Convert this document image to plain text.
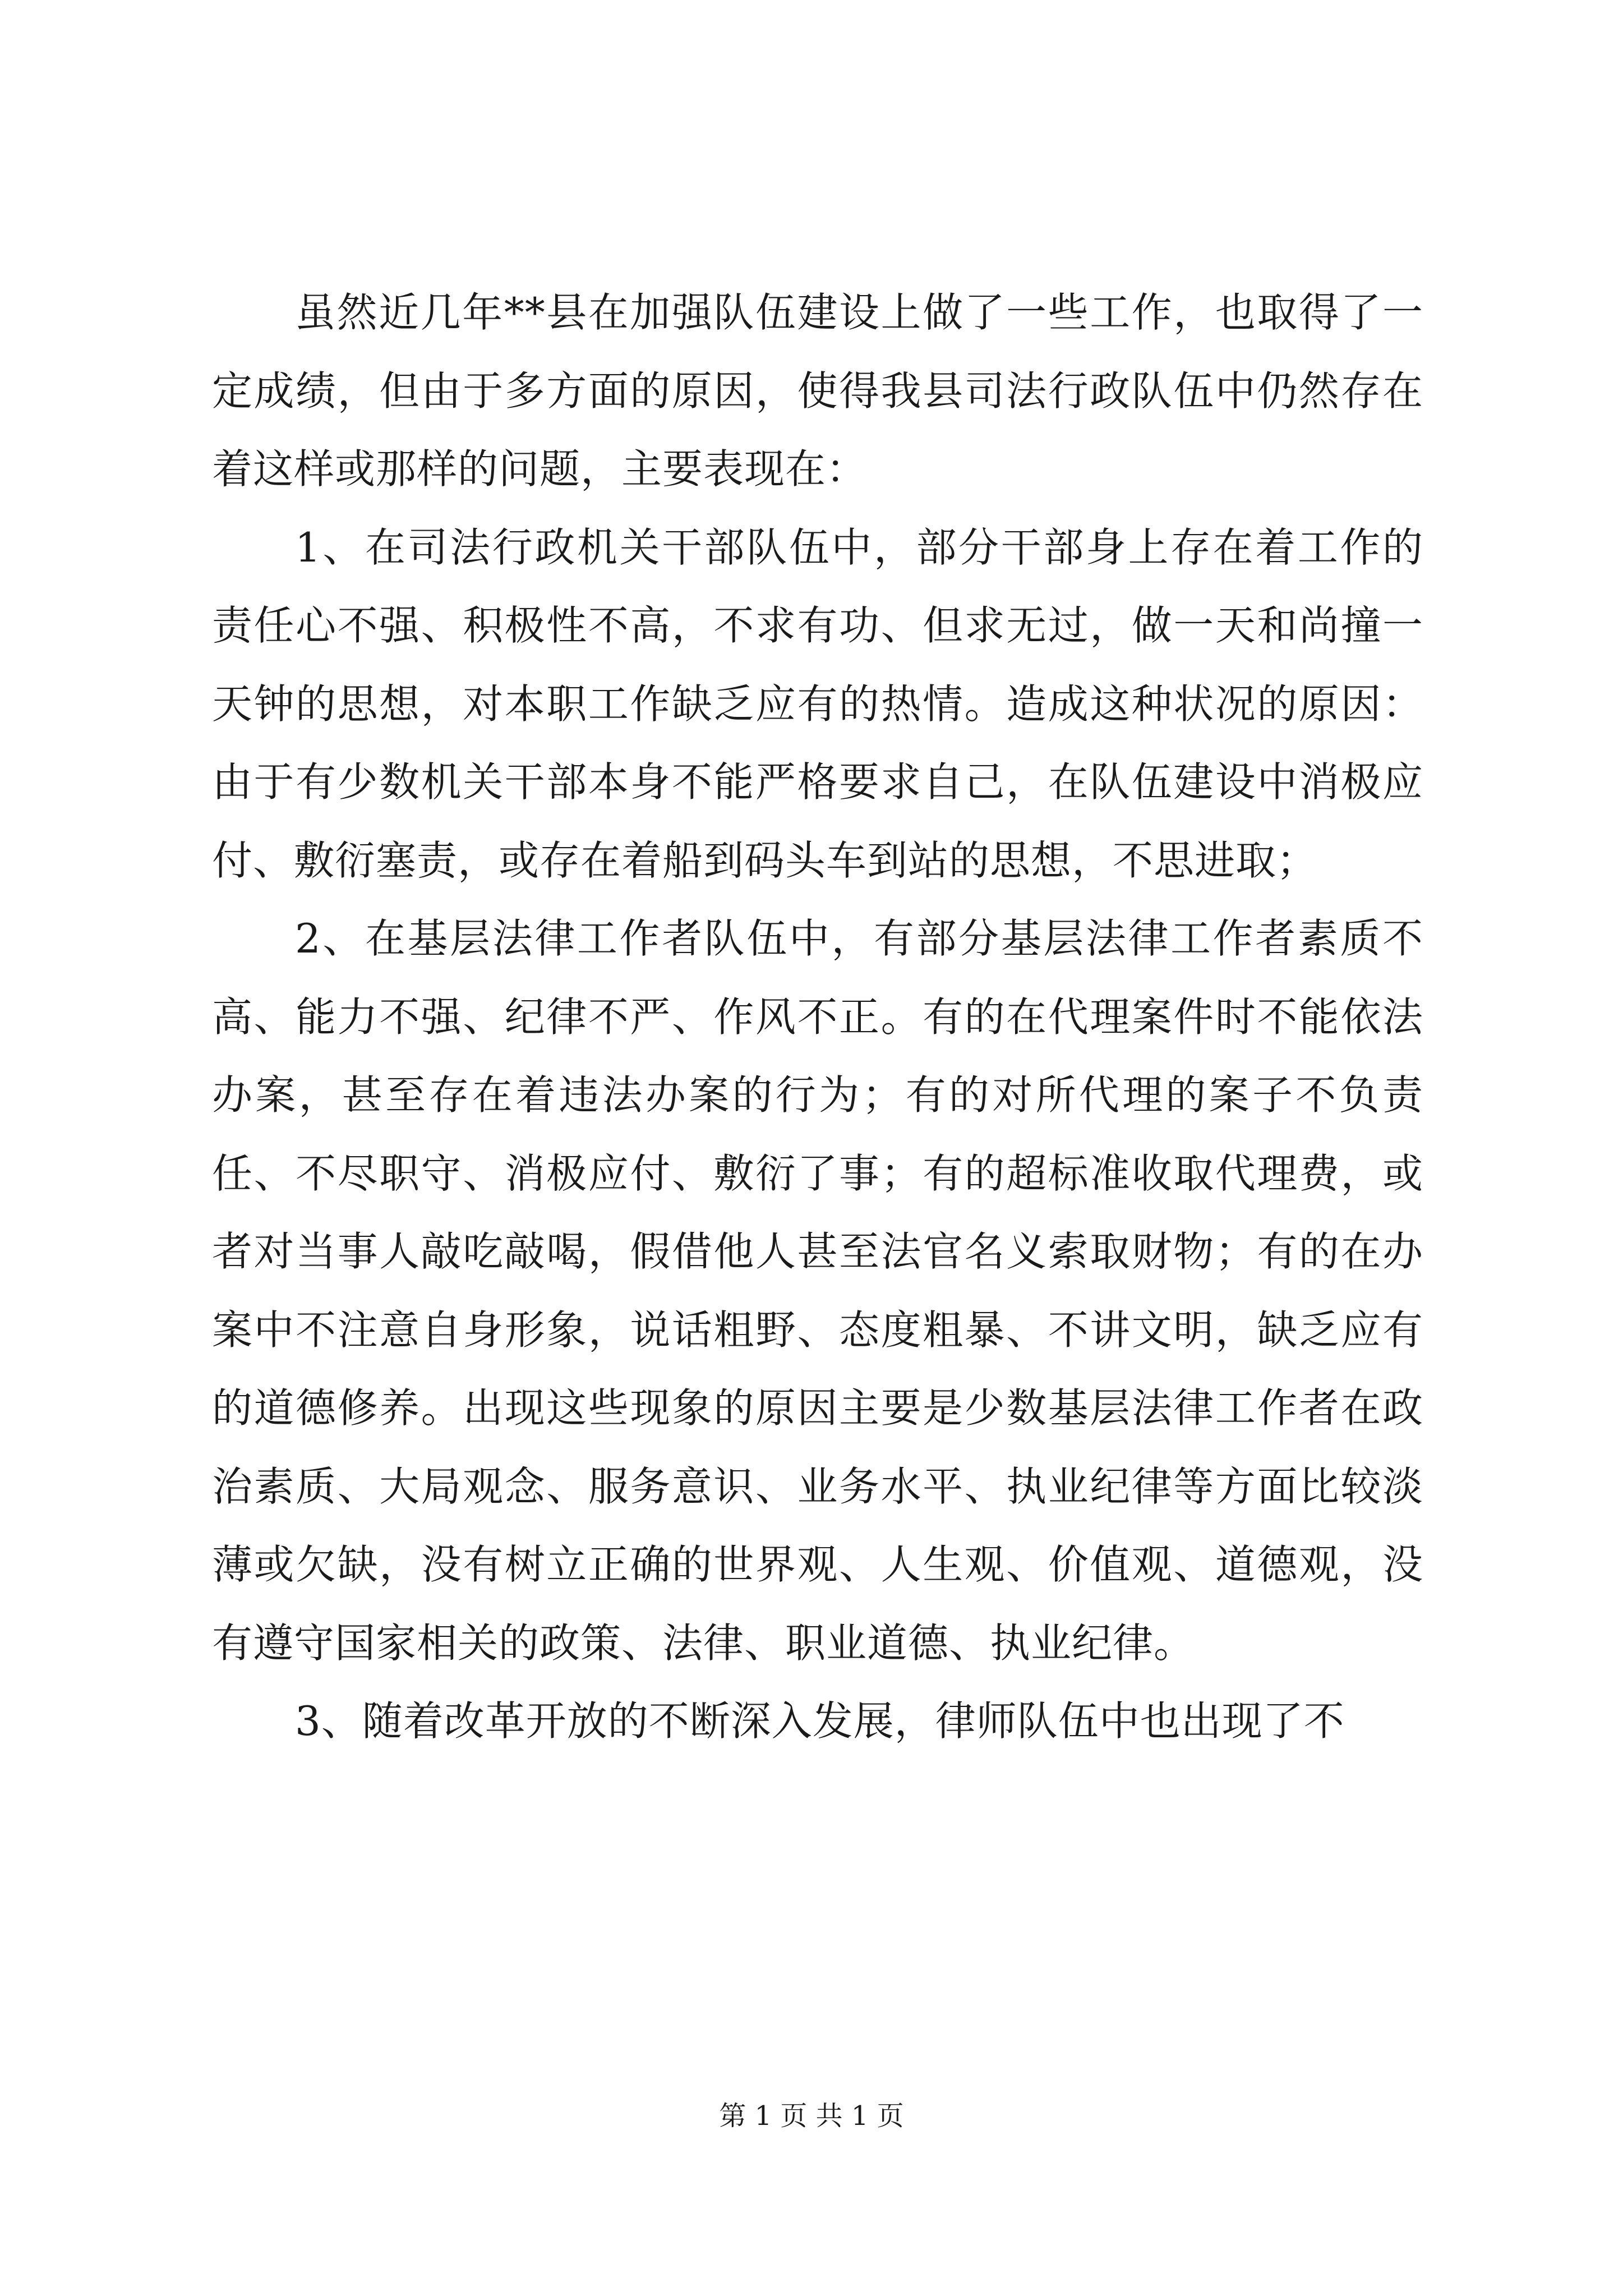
虽然近几年**县在加强队伍建设上做了一些工作，也取得了一定成绩，但由于多方面的原因，使得我县司法行政队伍中仍然存在着这样或那样的问题，主要表现在：

1、在司法行政机关干部队伍中，部分干部身上存在着工作的责任心不强、积极性不高，不求有功、但求无过，做一天和尚撞一天钟的思想，对本职工作缺乏应有的热情。造成这种状况的原因：由于有少数机关干部本身不能严格要求自己，在队伍建设中消极应付、敷衍塞责，或存在着船到码头车到站的思想，不思进取；

2、在基层法律工作者队伍中，有部分基层法律工作者素质不高、能力不强、纪律不严、作风不正。有的在代理案件时不能依法办案，甚至存在着违法办案的行为；有的对所代理的案子不负责任、不尽职守、消极应付、敷衍了事；有的超标准收取代理费，或者对当事人敲吃敲喝，假借他人甚至法官名义索取财物；有的在办案中不注意自身形象，说话粗野、态度粗暴、不讲文明，缺乏应有的道德修养。出现这些现象的原因主要是少数基层法律工作者在政治素质、大局观念、服务意识、业务水平、执业纪律等方面比较淡薄或欠缺，没有树立正确的世界观、人生观、价值观、道德观，没有遵守国家相关的政策、法律、职业道德、执业纪律。

3、随着改革开放的不断深入发展，律师队伍中也出现了不

第 1 页 共 1 页
